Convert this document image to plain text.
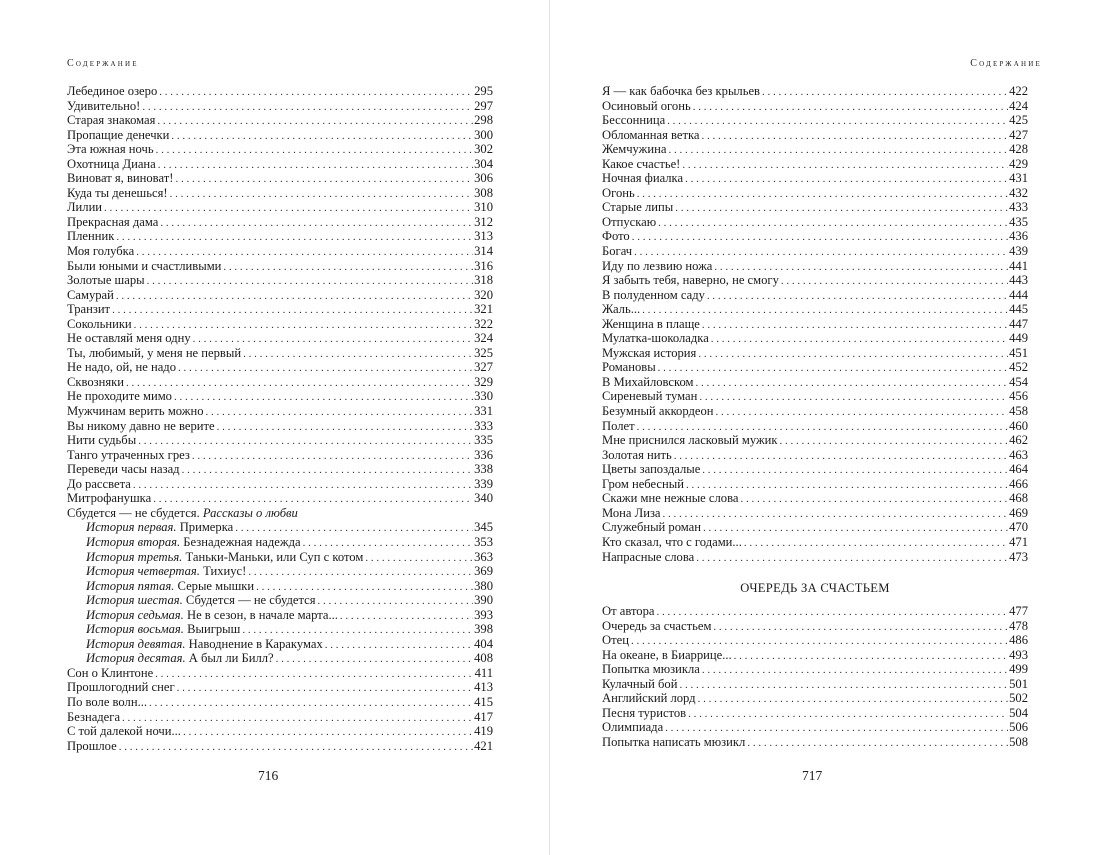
Содержание
Лебединое озеро . . .	295
Удивительно! . . .	297
Старая знакомая . . .	298
Пропащие денечки . . .	300
Эта южная ночь . . .	302
Охотница Диана . . .	304
Виноват я, виноват! . . .	306
Куда ты денешься! . . .	308
Лилии . . .	310
Прекрасная дама . . .	312
Пленник . . .	313
Моя голубка . . .	314
Были юными и счастливыми . . .	316
Золотые шары . . .	318
Самурай . . .	320
Транзит . . .	321
Сокольники . . .	322
Не оставляй меня одну . . .	324
Ты, любимый, у меня не первый . . .	325
Не надо, ой, не надо . . .	327
Сквозняки . . .	329
Не проходите мимо . . .	330
Мужчинам верить можно . . .	331
Вы никому давно не верите . . .	333
Нити судьбы . . .	335
Танго утраченных грез . . .	336
Переведи часы назад . . .	338
До рассвета . . .	339
Митрофанушка . . .	340
Сбудется — не сбудется. Рассказы о любви
История первая. Примерка . . .	345
История вторая. Безнадежная надежда . . .	353
История третья. Таньки-Маньки, или Суп с котом . . .	363
История четвертая. Тихиус! . . .	369
История пятая. Серые мышки . . .	380
История шестая. Сбудется — не сбудется . . .	390
История седьмая. Не в сезон, в начале марта... . . .	393
История восьмая. Выигрыш . . .	398
История девятая. Наводнение в Каракумах . . .	404
История десятая. А был ли Билл? . . .	408
Сон о Клинтоне . . .	411
Прошлогодний снег . . .	413
По воле волн... . . .	415
Безнадега . . .	417
С той далекой ночи... . . .	419
Прошлое . . .	421
716
Содержание
Я — как бабочка без крыльев . . .	422
Осиновый огонь . . .	424
Бессонница . . .	425
Обломанная ветка . . .	427
Жемчужина . . .	428
Какое счастье! . . .	429
Ночная фиалка . . .	431
Огонь . . .	432
Старые липы . . .	433
Отпускаю . . .	435
Фото . . .	436
Богач . . .	439
Иду по лезвию ножа . . .	441
Я забыть тебя, наверно, не смогу . . .	443
В полуденном саду . . .	444
Жаль... . . .	445
Женщина в плаще . . .	447
Мулатка-шоколадка . . .	449
Мужская история . . .	451
Романовы . . .	452
В Михайловском . . .	454
Сиреневый туман . . .	456
Безумный аккордеон . . .	458
Полет . . .	460
Мне приснился ласковый мужик . . .	462
Золотая нить . . .	463
Цветы запоздалые . . .	464
Гром небесный . . .	466
Скажи мне нежные слова . . .	468
Мона Лиза . . .	469
Служебный роман . . .	470
Кто сказал, что с годами... . . .	471
Напрасные слова . . .	473
ОЧЕРЕДЬ ЗА СЧАСТЬЕМ
От автора . . .	477
Очередь за счастьем . . .	478
Отец . . .	486
На океане, в Биаррице... . . .	493
Попытка мюзикла . . .	499
Кулачный бой . . .	501
Английский лорд . . .	502
Песня туристов . . .	504
Олимпиада . . .	506
Попытка написать мюзикл . . .	508
717
